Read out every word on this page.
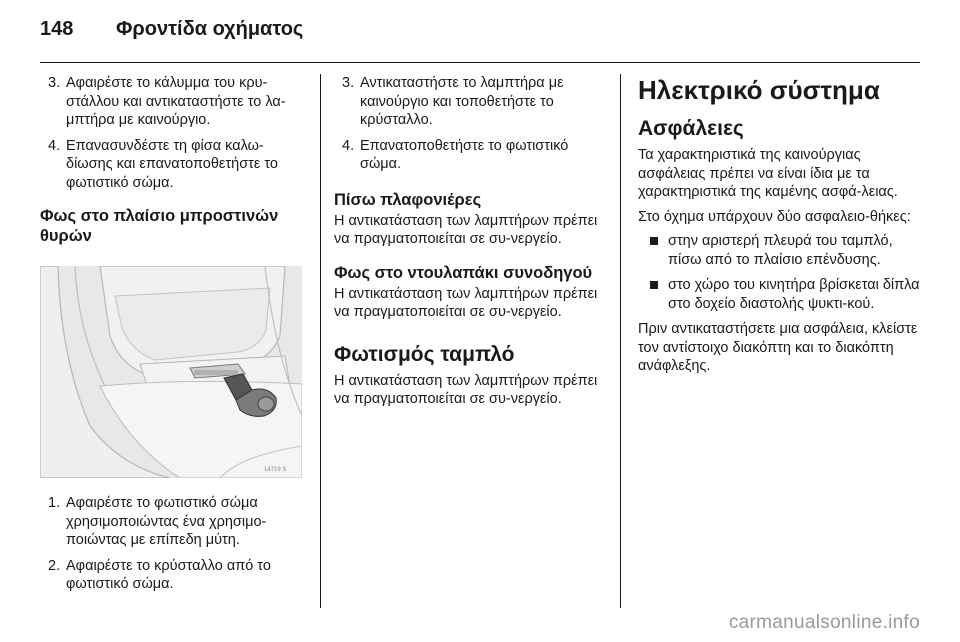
148 Φροντίδα οχήματος
3. Αφαιρέστε το κάλυμμα του κρυ-στάλλου και αντικαταστήστε το λα-μπτήρα με καινούργιο.
4. Επανασυνδέστε τη φίσα καλω-δίωσης και επανατοποθετήστε το φωτιστικό σώμα.
Φως στο πλαίσιο μπροστινών θυρών
14719 S
1. Αφαιρέστε το φωτιστικό σώμα χρησιμοποιώντας ένα χρησιμο-ποιώντας με επίπεδη μύτη.
2. Αφαιρέστε το κρύσταλλο από το φωτιστικό σώμα.
3. Αντικαταστήστε το λαμπτήρα με καινούργιο και τοποθετήστε το κρύσταλλο.
4. Επανατοποθετήστε το φωτιστικό σώμα.
Πίσω πλαφονιέρες
Η αντικατάσταση των λαμπτήρων πρέπει να πραγματοποιείται σε συ-νεργείο.
Φως στο ντουλαπάκι συνοδηγού
Η αντικατάσταση των λαμπτήρων πρέπει να πραγματοποιείται σε συ-νεργείο.
Φωτισμός ταμπλό
Η αντικατάσταση των λαμπτήρων πρέπει να πραγματοποιείται σε συ-νεργείο.
Ηλεκτρικό σύστημα
Ασφάλειες
Τα χαρακτηριστικά της καινούργιας ασφάλειας πρέπει να είναι ίδια με τα χαρακτηριστικά της καμένης ασφά-λειας.
Στο όχημα υπάρχουν δύο ασφαλειο-θήκες:
στην αριστερή πλευρά του ταμπλό, πίσω από το πλαίσιο επένδυσης.
στο χώρο του κινητήρα βρίσκεται δίπλα στο δοχείο διαστολής ψυκτι-κού.
Πριν αντικαταστήσετε μια ασφάλεια, κλείστε τον αντίστοιχο διακόπτη και το διακόπτη ανάφλεξης.
carmanualsonline.info
